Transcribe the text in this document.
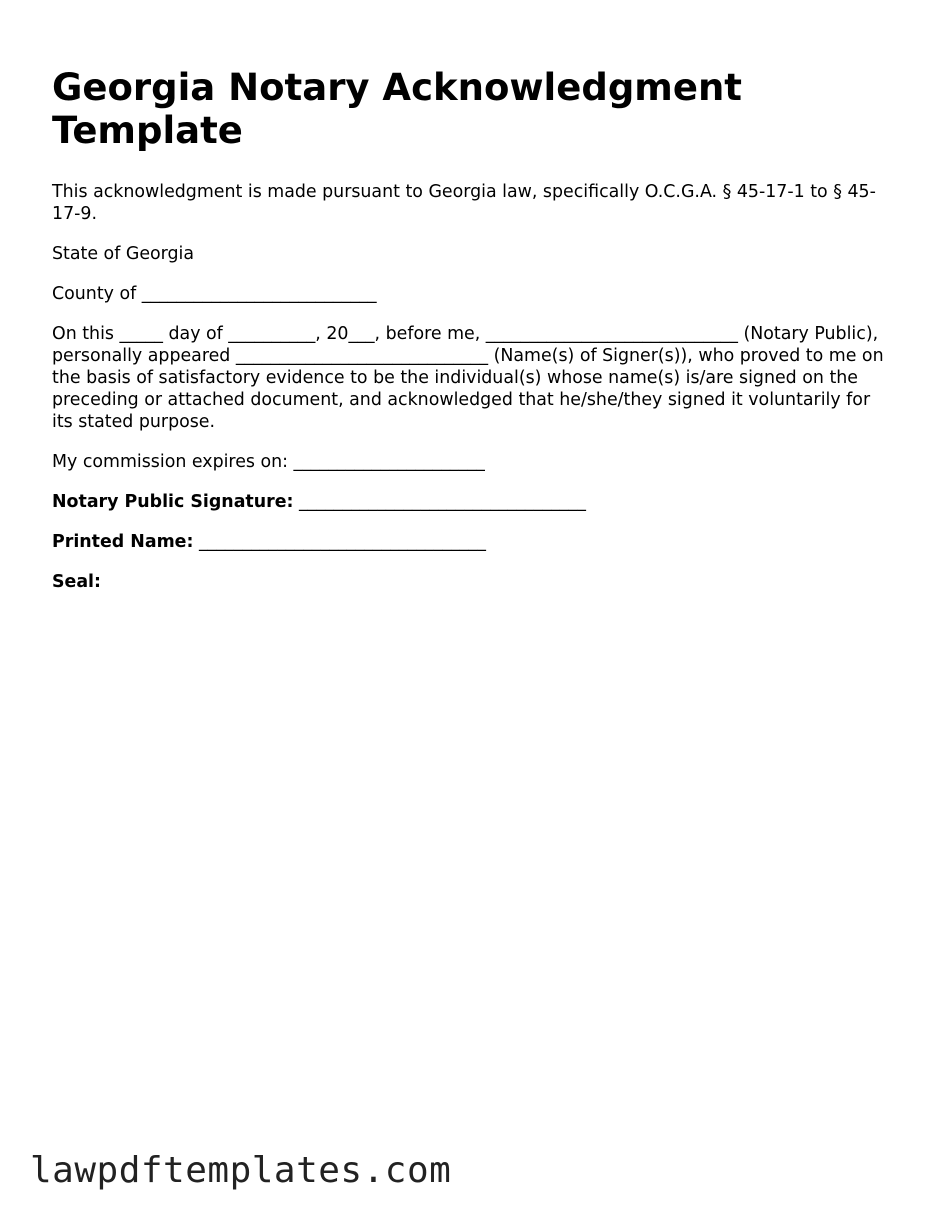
Georgia Notary Acknowledgment Template

This acknowledgment is made pursuant to Georgia law, specifically O.C.G.A. § 45-17-1 to § 45-17-9.

State of Georgia

County of ___________________________

On this _____ day of __________, 20___, before me, _____________________________ (Notary Public), personally appeared _____________________________ (Name(s) of Signer(s)), who proved to me on the basis of satisfactory evidence to be the individual(s) whose name(s) is/are signed on the preceding or attached document, and acknowledged that he/she/they signed it voluntarily for its stated purpose.

My commission expires on: ______________________

Notary Public Signature: _________________________________

Printed Name: _________________________________

Seal:

lawpdftemplates.com
